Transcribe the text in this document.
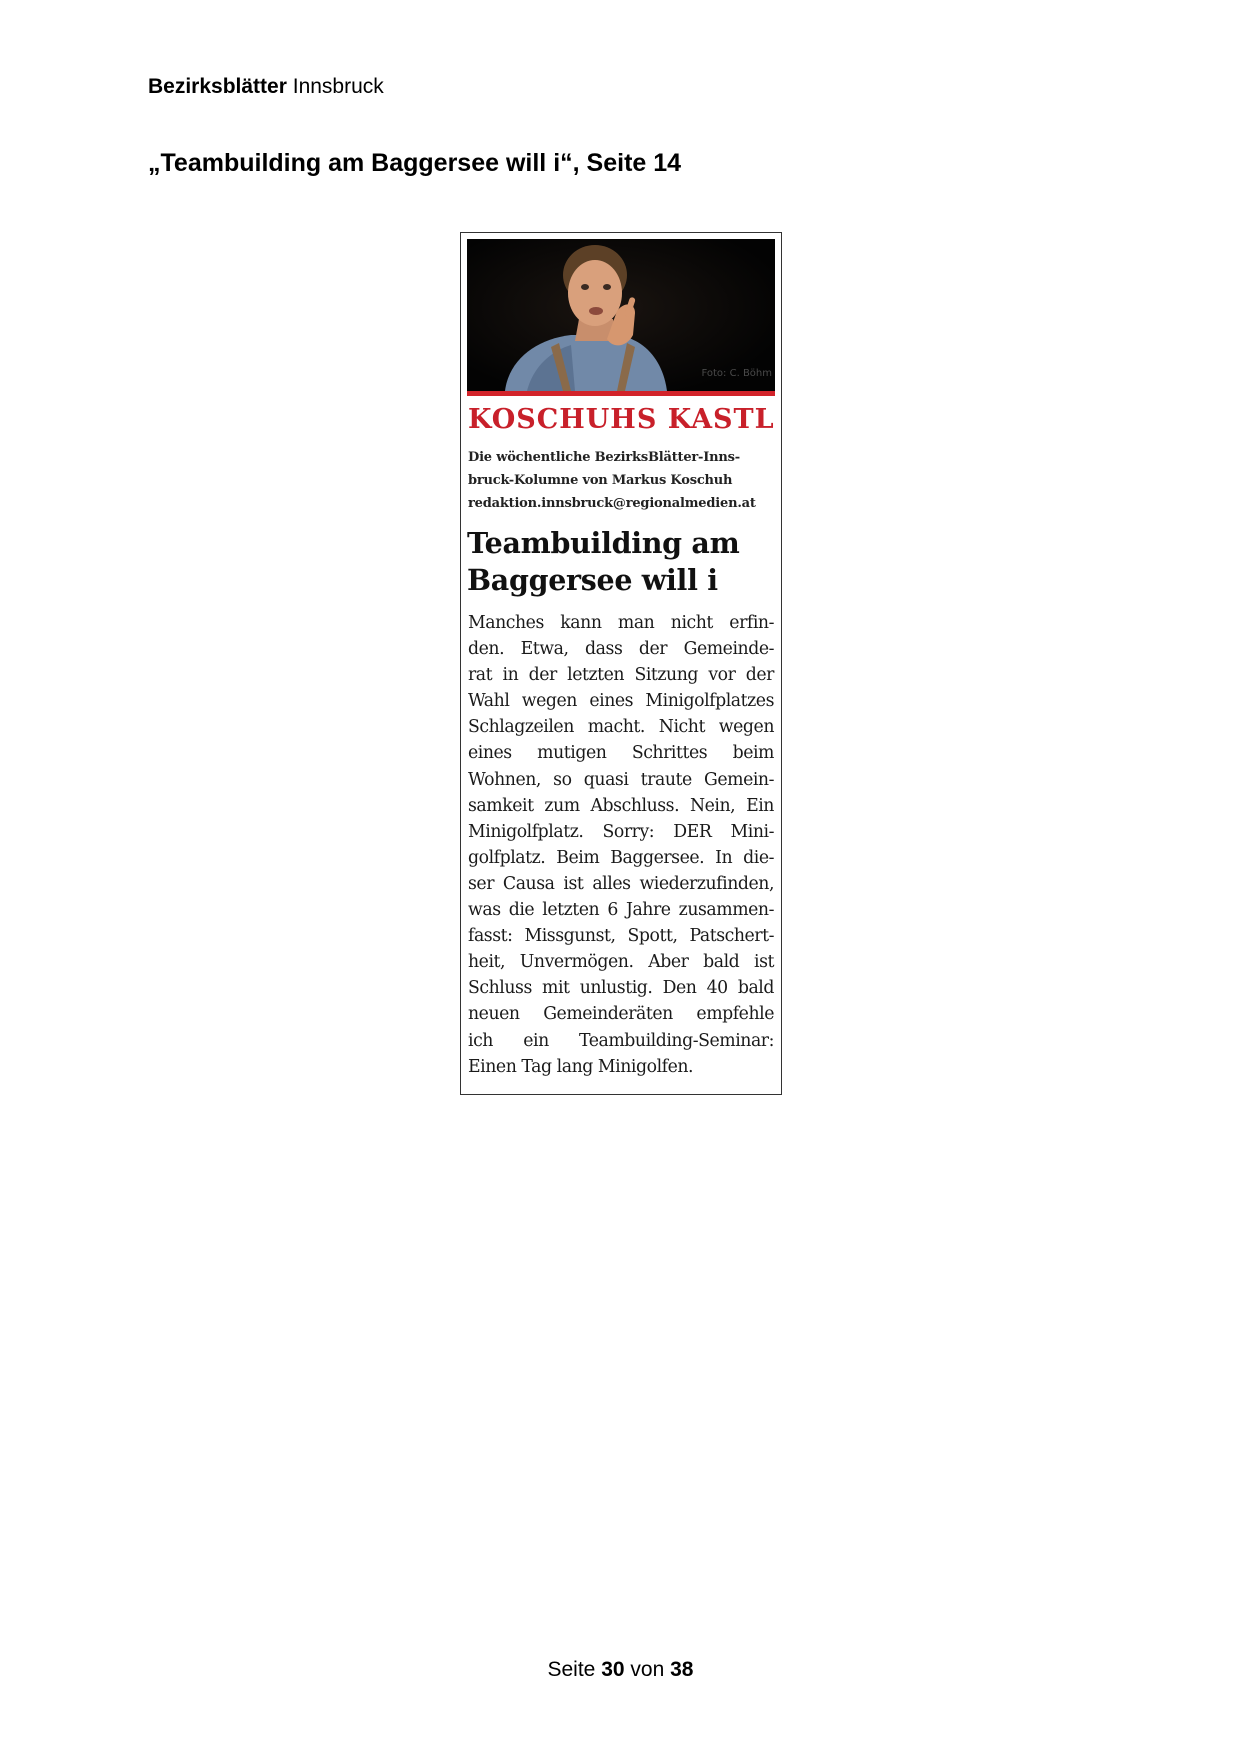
Bezirksblätter Innsbruck
„Teambuilding am Baggersee will i“, Seite 14
Foto: C. Böhm
KOSCHUHS KASTL
Die wöchentliche BezirksBlätter-Inns-
bruck-Kolumne von Markus Koschuh
redaktion.innsbruck@regionalmedien.at
Teambuilding am
Baggersee will i
Manches kann man nicht erfin-
den. Etwa, dass der Gemeinde-
rat in der letzten Sitzung vor der
Wahl wegen eines Minigolfplatzes
Schlagzeilen macht. Nicht wegen
eines mutigen Schrittes beim
Wohnen, so quasi traute Gemein-
samkeit zum Abschluss. Nein, Ein
Minigolfplatz. Sorry: DER Mini-
golfplatz. Beim Baggersee. In die-
ser Causa ist alles wiederzufinden,
was die letzten 6 Jahre zusammen-
fasst: Missgunst, Spott, Patschert-
heit, Unvermögen. Aber bald ist
Schluss mit unlustig. Den 40 bald
neuen Gemeinderäten empfehle
ich ein Teambuilding-Seminar:
Einen Tag lang Minigolfen.
Seite 30 von 38
